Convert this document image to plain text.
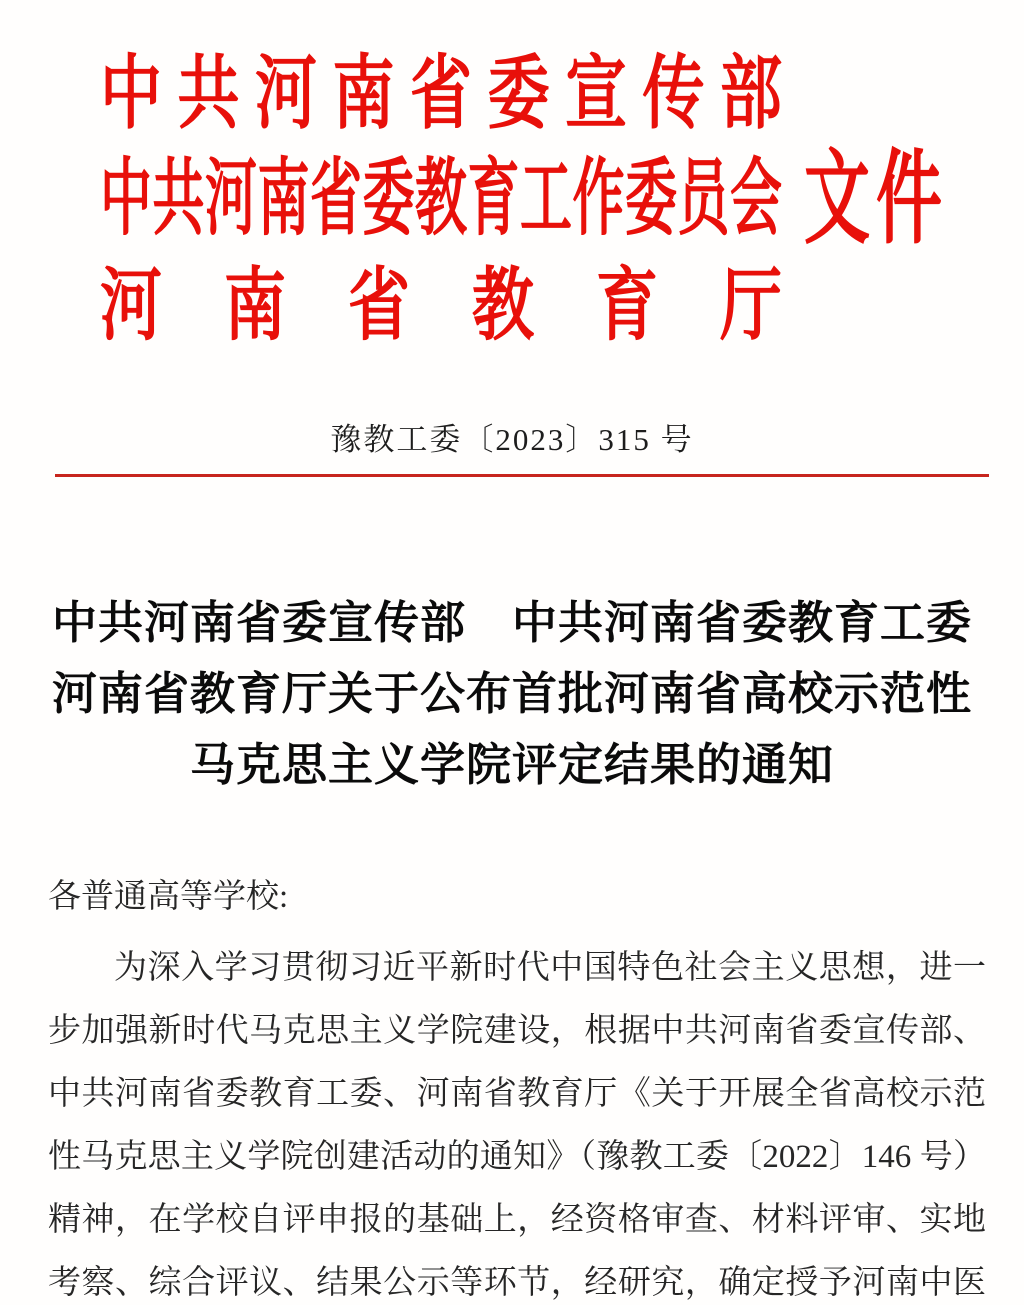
中共河南省委宣传部
中共河南省委教育工作委员会
河南省教育厅
文件
豫教工委〔2023〕315 号
中共河南省委宣传部　中共河南省委教育工委
河南省教育厅关于公布首批河南省高校示范性
马克思主义学院评定结果的通知
各普通高等学校:
为深入学习贯彻习近平新时代中国特色社会主义思想，进一
步加强新时代马克思主义学院建设，根据中共河南省委宣传部、
中共河南省委教育工委、河南省教育厅《关于开展全省高校示范
性马克思主义学院创建活动的通知》（豫教工委〔2022〕146 号）
精神，在学校自评申报的基础上，经资格审查、材料评审、实地
考察、综合评议、结果公示等环节，经研究，确定授予河南中医
